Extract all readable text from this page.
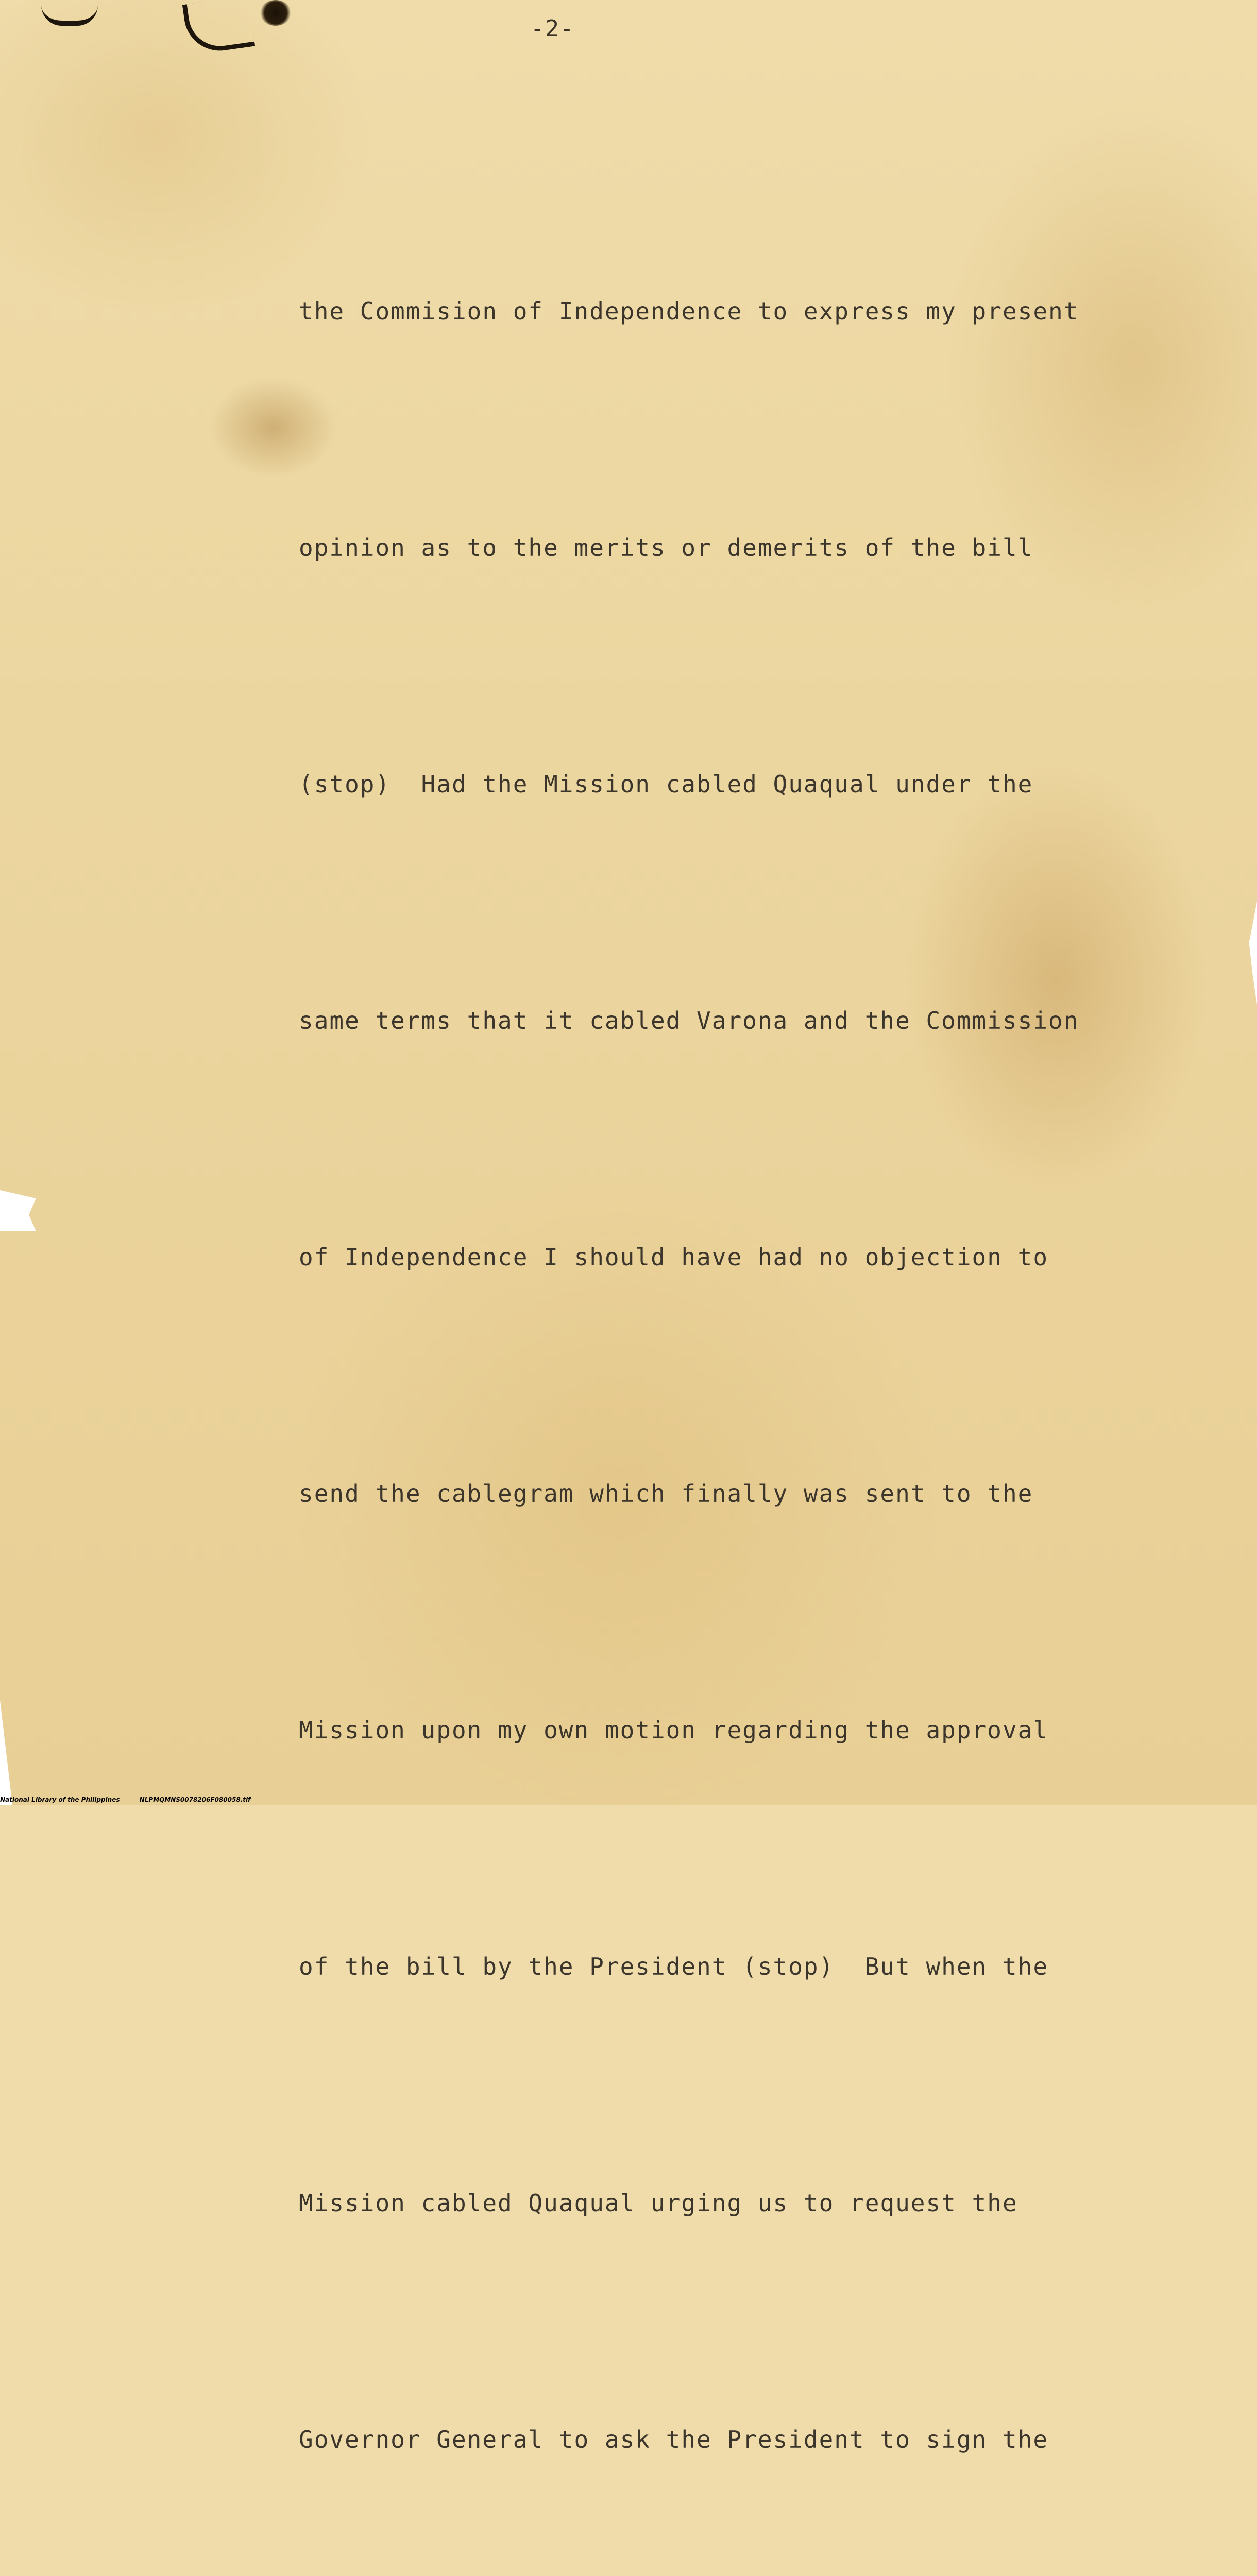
-2-

the Commision of Independence to express my present

opinion as to the merits or demerits of the bill

(stop)  Had the Mission cabled Quaqual under the

same terms that it cabled Varona and the Commission

of Independence I should have had no objection to

send the cablegram which finally was sent to the

Mission upon my own motion regarding the approval

of the bill by the President (stop)  But when the

Mission cabled Quaqual urging us to request the

Governor General to ask the President to sign the

National Library of the Philippines	NLPMQMNS0078206F080058.tif
